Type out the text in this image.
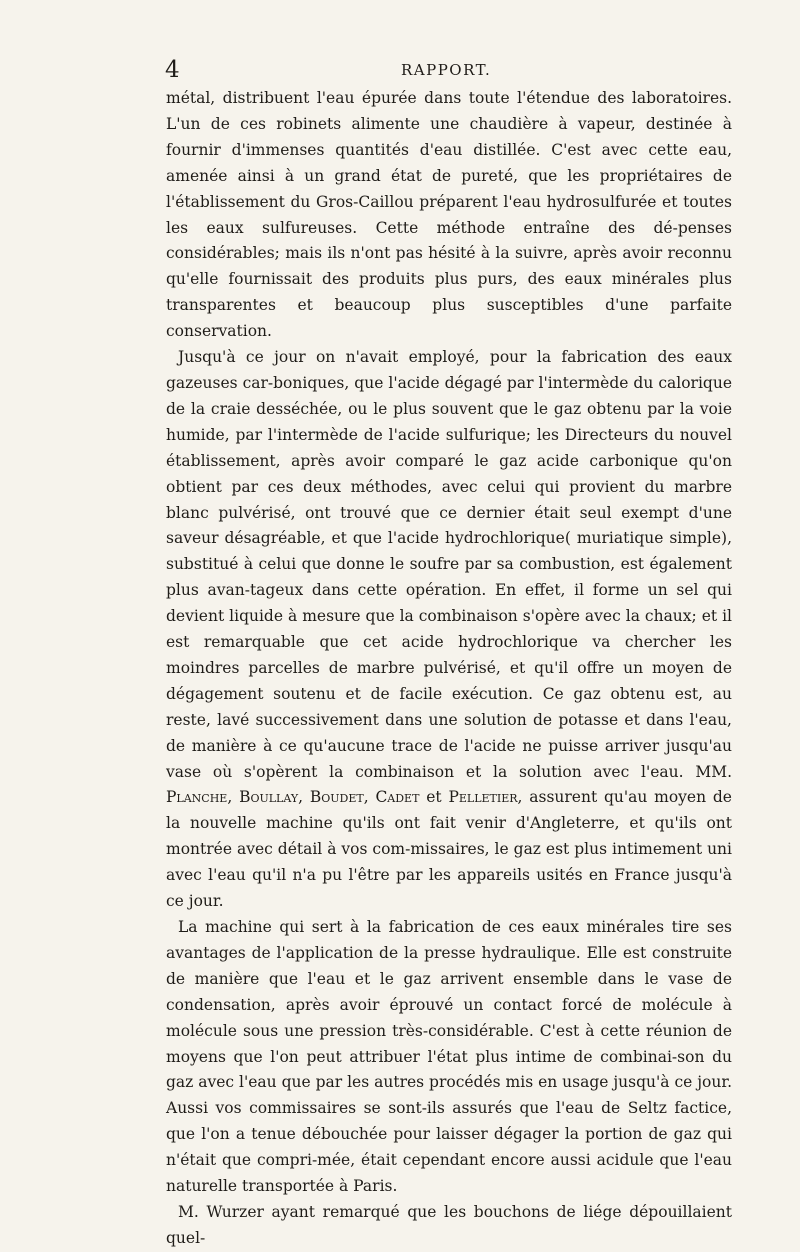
4	RAPPORT.

métal, distribuent l'eau épurée dans toute l'étendue des laboratoires. L'un de ces robinets alimente une chaudière à vapeur, destinée à fournir d'immenses quantités d'eau distillée. C'est avec cette eau, amenée ainsi à un grand état de pureté, que les propriétaires de l'établissement du Gros-Caillou préparent l'eau hydrosulfurée et toutes les eaux sulfureuses. Cette méthode entraîne des dé-penses considérables; mais ils n'ont pas hésité à la suivre, après avoir reconnu qu'elle fournissait des produits plus purs, des eaux minérales plus transparentes et beaucoup plus susceptibles d'une parfaite conservation.

Jusqu'à ce jour on n'avait employé, pour la fabrication des eaux gazeuses car-boniques, que l'acide dégagé par l'intermède du calorique de la craie desséchée, ou le plus souvent que le gaz obtenu par la voie humide, par l'intermède de l'acide sulfurique; les Directeurs du nouvel établissement, après avoir comparé le gaz acide carbonique qu'on obtient par ces deux méthodes, avec celui qui provient du marbre blanc pulvérisé, ont trouvé que ce dernier était seul exempt d'une saveur désagréable, et que l'acide hydrochlorique( muriatique simple), substitué à celui que donne le soufre par sa combustion, est également plus avan-tageux dans cette opération. En effet, il forme un sel qui devient liquide à mesure que la combinaison s'opère avec la chaux; et il est remarquable que cet acide hydrochlorique va chercher les moindres parcelles de marbre pulvérisé, et qu'il offre un moyen de dégagement soutenu et de facile exécution. Ce gaz obtenu est, au reste, lavé successivement dans une solution de potasse et dans l'eau, de manière à ce qu'aucune trace de l'acide ne puisse arriver jusqu'au vase où s'opèrent la combinaison et la solution avec l'eau. MM. Planche, Boullay, Boudet, Cadet et Pelletier, assurent qu'au moyen de la nouvelle machine qu'ils ont fait venir d'Angleterre, et qu'ils ont montrée avec détail à vos com-missaires, le gaz est plus intimement uni avec l'eau qu'il n'a pu l'être par les appareils usités en France jusqu'à ce jour.

La machine qui sert à la fabrication de ces eaux minérales tire ses avantages de l'application de la presse hydraulique. Elle est construite de manière que l'eau et le gaz arrivent ensemble dans le vase de condensation, après avoir éprouvé un contact forcé de molécule à molécule sous une pression très-considérable. C'est à cette réunion de moyens que l'on peut attribuer l'état plus intime de combinai-son du gaz avec l'eau que par les autres procédés mis en usage jusqu'à ce jour. Aussi vos commissaires se sont-ils assurés que l'eau de Seltz factice, que l'on a tenue débouchée pour laisser dégager la portion de gaz qui n'était que compri-mée, était cependant encore aussi acidule que l'eau naturelle transportée à Paris.

M. Wurzer ayant remarqué que les bouchons de liége dépouillaient quel-
